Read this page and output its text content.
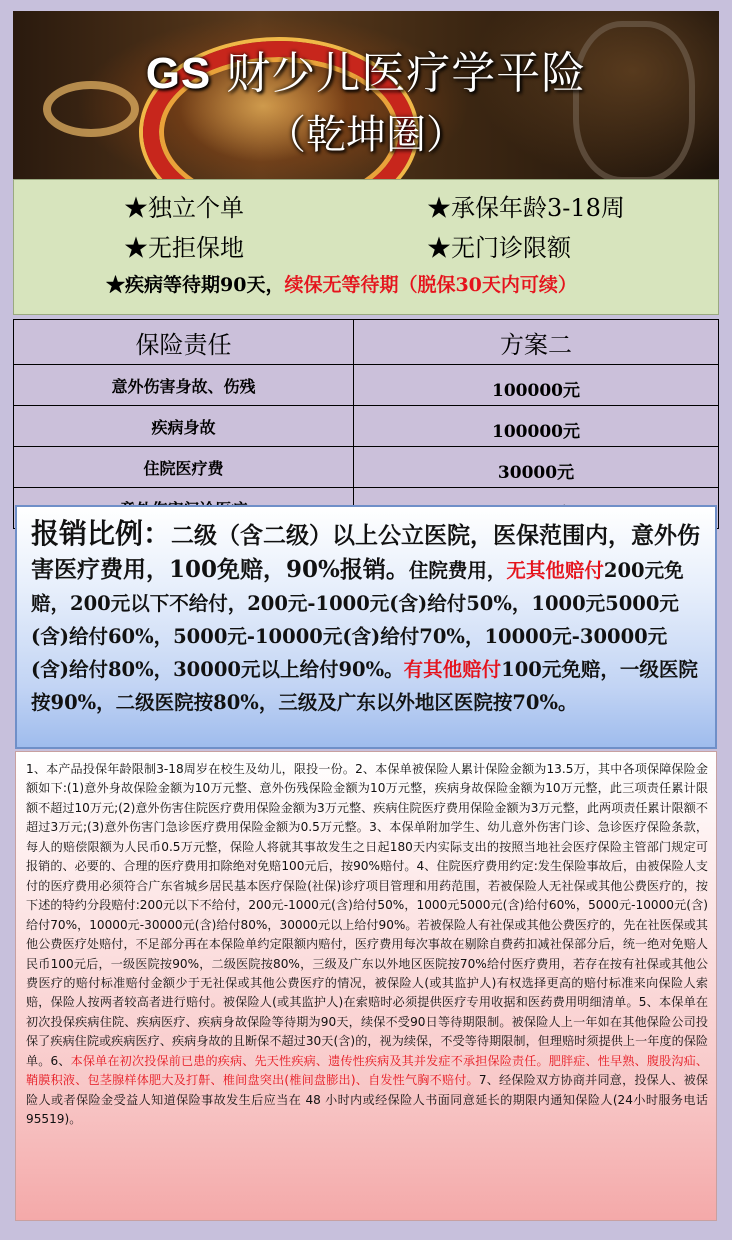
GS 财少儿医疗学平险
（乾坤圈）
★独立个单	★承保年龄3-18周
★无拒保地	★无门诊限额
★疾病等待期90天，续保无等待期（脱保30天内可续）
保险责任	方案二
意外伤害身故、伤残	100000元
疾病身故	100000元
住院医疗费	30000元

报销比例：二级（含二级）以上公立医院，医保范围内，意外伤害医疗费用，100免赔，90%报销。住院费用，无其他赔付200元免赔，200元以下不给付，200元-1000元(含)给付50%，1000元5000元(含)给付60%，5000元-10000元(含)给付70%，10000元-30000元(含)给付80%，30000元以上给付90%。有其他赔付100元免赔，一级医院按90%，二级医院按80%，三级及广东以外地区医院按70%。
1、本产品投保年龄限制3-18周岁在校生及幼儿，限投一份。2、本保单被保险人累计保险金额为13.5万，其中各项保障保险金额如下:(1)意外身故保险金额为10万元整、意外伤残保险金额为10万元整，疾病身故保险金额为10万元整，此三项责任累计限额不超过10万元;(2)意外伤害住院医疗费用保险金额为3万元整、疾病住院医疗费用保险金额为3万元整，此两项责任累计限额不超过3万元;(3)意外伤害门急诊医疗费用保险金额为0.5万元整。3、本保单附加学生、幼儿意外伤害门诊、急诊医疗保险条款，每人的赔偿限额为人民币0.5万元整，保险人将就其事故发生之日起180天内实际支出的按照当地社会医疗保险主管部门规定可报销的、必要的、合理的医疗费用扣除绝对免赔100元后，按90%赔付。4、住院医疗费用约定:发生保险事故后，由被保险人支付的医疗费用必须符合广东省城乡居民基本医疗保险(社保)诊疗项目管理和用药范围，若被保险人无社保或其他公费医疗的，按下述的特约分段赔付:200元以下不给付，200元-1000元(含)给付50%，1000元5000元(含)给付60%，5000元-10000元(含)给付70%，10000元-30000元(含)给付80%，30000元以上给付90%。若被保险人有社保或其他公费医疗的，先在社医保或其他公费医疗处赔付，不足部分再在本保险单约定限额内赔付，医疗费用每次事故在剔除自费药扣减社保部分后，统一绝对免赔人民币100元后，一级医院按90%，二级医院按80%，三级及广东以外地区医院按70%给付医疗费用，若存在按有社保或其他公费医疗的赔付标准赔付金额少于无社保或其他公费医疗的情况，被保险人(或其监护人)有权选择更高的赔付标准来向保险人索赔，保险人按两者较高者进行赔付。被保险人(或其监护人)在索赔时必须提供医疗专用收据和医药费用明细清单。5、本保单在初次投保疾病住院、疾病医疗、疾病身故保险等待期为90天，续保不受90日等待期限制。被保险人上一年如在其他保险公司投保了疾病住院或疾病医疗、疾病身故的且断保不超过30天(含)的，视为续保，不受等待期限制，但理赔时须提供上一年度的保险单。6、本保单在初次投保前已患的疾病、先天性疾病、遗传性疾病及其并发症不承担保险责任。肥胖症、性早熟、腹股沟疝、鞘膜积液、包茎腺样体肥大及打鼾、椎间盘突出(椎间盘膨出)、自发性气胸不赔付。7、经保险双方协商并同意，投保人、被保险人或者保险金受益人知道保险事故发生后应当在 48 小时内或经保险人书面同意延长的期限内通知保险人(24小时服务电话95519)。
